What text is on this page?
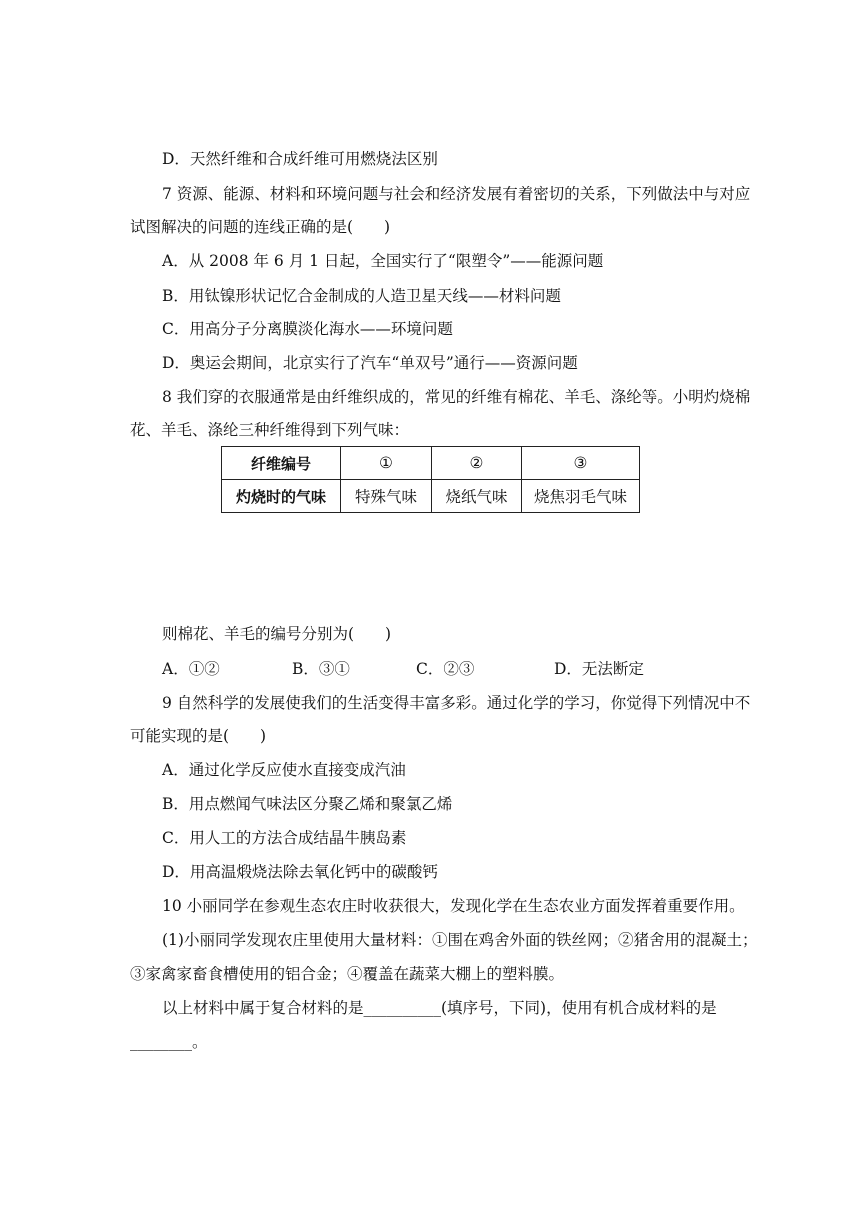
D．天然纤维和合成纤维可用燃烧法区别
7 资源、能源、材料和环境问题与社会和经济发展有着密切的关系，下列做法中与对应
试图解决的问题的连线正确的是(　　)
A．从 2008 年 6 月 1 日起，全国实行了“限塑令”——能源问题
B．用钛镍形状记忆合金制成的人造卫星天线——材料问题
C．用高分子分离膜淡化海水——环境问题
D．奥运会期间，北京实行了汽车“单双号”通行——资源问题
8 我们穿的衣服通常是由纤维织成的，常见的纤维有棉花、羊毛、涤纶等。小明灼烧棉
花、羊毛、涤纶三种纤维得到下列气味：
纤维编号	①	②	③
灼烧时的气味	特殊气味	烧纸气味	烧焦羽毛气味
则棉花、羊毛的编号分别为(　　)
A．①②	B．③①	C．②③	D．无法断定
9 自然科学的发展使我们的生活变得丰富多彩。通过化学的学习，你觉得下列情况中不
可能实现的是(　　)
A．通过化学反应使水直接变成汽油
B．用点燃闻气味法区分聚乙烯和聚氯乙烯
C．用人工的方法合成结晶牛胰岛素
D．用高温煅烧法除去氧化钙中的碳酸钙
10 小丽同学在参观生态农庄时收获很大，发现化学在生态农业方面发挥着重要作用。
(1)小丽同学发现农庄里使用大量材料：①围在鸡舍外面的铁丝网；②猪舍用的混凝土；
③家禽家畜食槽使用的铝合金；④覆盖在蔬菜大棚上的塑料膜。
以上材料中属于复合材料的是__________(填序号，下同)，使用有机合成材料的是
________。
